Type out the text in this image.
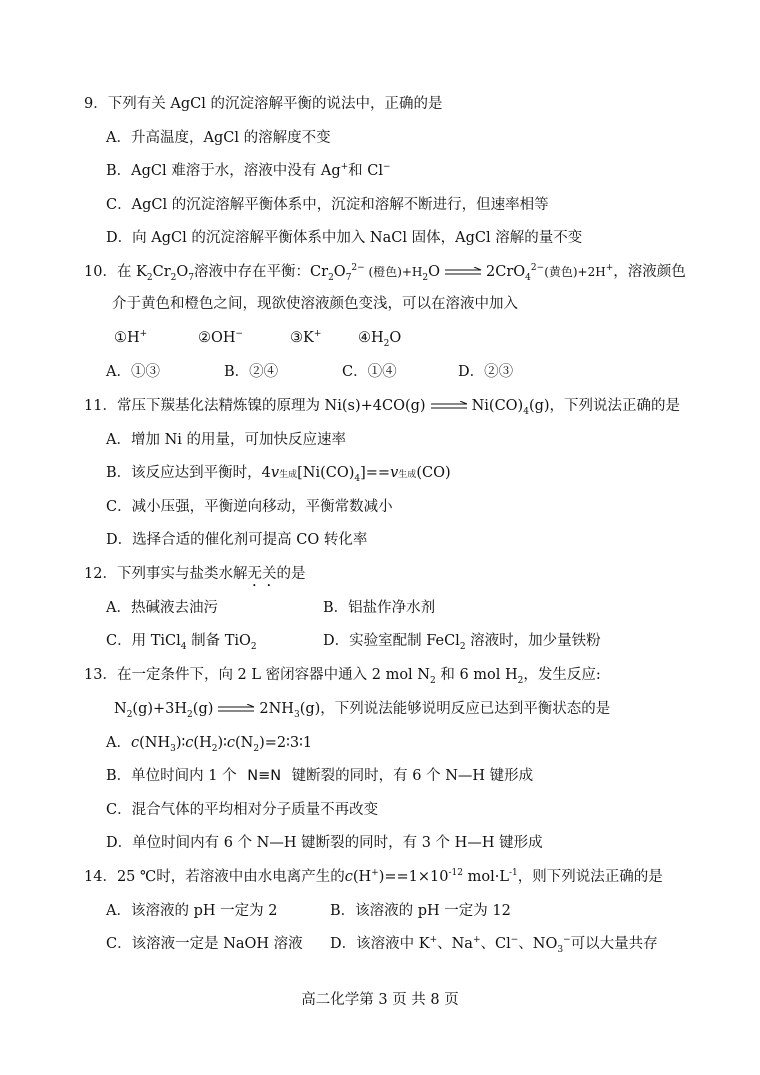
9．下列有关 AgCl 的沉淀溶解平衡的说法中，正确的是
A．升高温度，AgCl 的溶解度不变
B．AgCl 难溶于水，溶液中没有 Ag+和 Cl−
C．AgCl 的沉淀溶解平衡体系中，沉淀和溶解不断进行，但速率相等
D．向 AgCl 的沉淀溶解平衡体系中加入 NaCl 固体，AgCl 溶解的量不变
10．在 $K_2Cr_2O_7$溶液中存在平衡：$Cr_2O_7^{2-}$ (橙色)$+H_2O$	2CrO$_4^{2-}$(黄色)+2H+，溶液颜色
介于黄色和橙色之间，现欲使溶液颜色变浅，可以在溶液中加入
①H+	②OH−	③K+	$④H_2O$
A．①③	B．②④	C．①④	D．②③
11．常压下羰基化法精炼镍的原理为 Ni(s)+4CO(g)	$Ni(CO)_4(g)$，下列说法正确的是
A．增加 Ni 的用量，可加快反应速率
B．该反应达到平衡时，4v生成$[Ni(CO)_4]==v$生成(CO)
C．减小压强，平衡逆向移动，平衡常数减小
D．选择合适的催化剂可提高 CO 转化率
12．下列事实与盐类水解无关的是
A．热碱液去油污	B．铝盐作净水剂
C．用 TiCl$_4$ 制备 TiO$_2$	D．实验室配制 FeCl$_2$ 溶液时，加少量铁粉
13．在一定条件下，向 2 L 密闭容器中通入 2 mol $N_2$ 和 6 mol $H_2$，发生反应:
$N_2(g)+3H_2(g)$	$2NH_3(g)$，下列说法能够说明反应已达到平衡状态的是
A．$c(NH_3)∶c(H_2)∶c(N_2)=2∶3∶1$
B．单位时间内 1 个 N≡N 键断裂的同时，有 6 个 N—H 键形成
C．混合气体的平均相对分子质量不再改变
D．单位时间内有 6 个 N—H 键断裂的同时，有 3 个 H—H 键形成
14．25 ℃时，若溶液中由水电离产生的$c(H^+)==1\times 10^{-12}$ $mol\cdot L^{-1}$，则下列说法正确的是
A．该溶液的 pH 一定为 2	B．该溶液的 pH 一定为 12
C．该溶液一定是 NaOH 溶液 D．该溶液中 K+、Na+、Cl−、$NO_3^-$可以大量共存
高二化学第 3 页 共 8 页
